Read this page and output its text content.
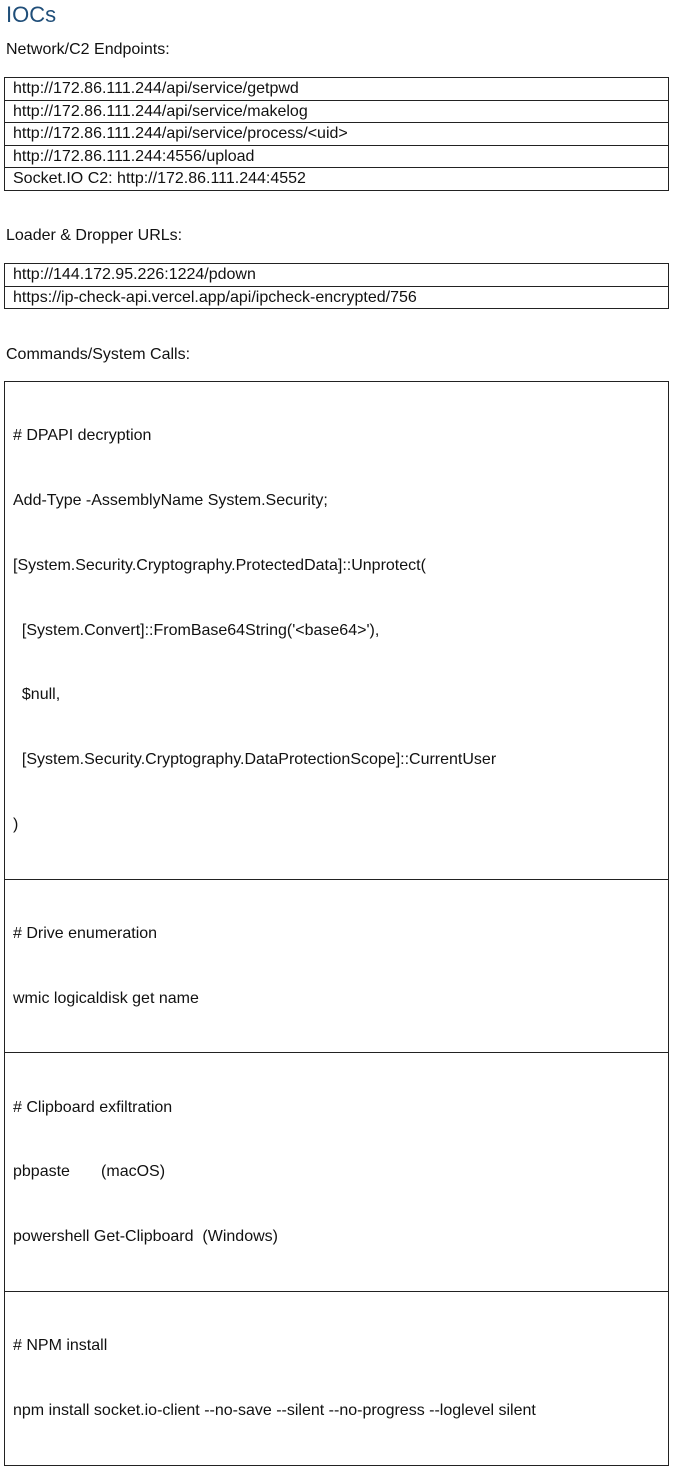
IOCs

Network/C2 Endpoints:

http://172.86.111.244/api/service/getpwd
http://172.86.111.244/api/service/makelog
http://172.86.111.244/api/service/process/<uid>
http://172.86.111.244:4556/upload
Socket.IO C2: http://172.86.111.244:4552

Loader & Dropper URLs:

http://144.172.95.226:1224/pdown
https://ip-check-api.vercel.app/api/ipcheck-encrypted/756

Commands/System Calls:

# DPAPI decryption

Add-Type -AssemblyName System.Security;

[System.Security.Cryptography.ProtectedData]::Unprotect(

[System.Convert]::FromBase64String('<base64>'),

$null,

[System.Security.Cryptography.DataProtectionScope]::CurrentUser

)

# Drive enumeration

wmic logicaldisk get name

# Clipboard exfiltration

pbpaste       (macOS)

powershell Get-Clipboard  (Windows)

# NPM install

npm install socket.io-client --no-save --silent --no-progress --loglevel silent
